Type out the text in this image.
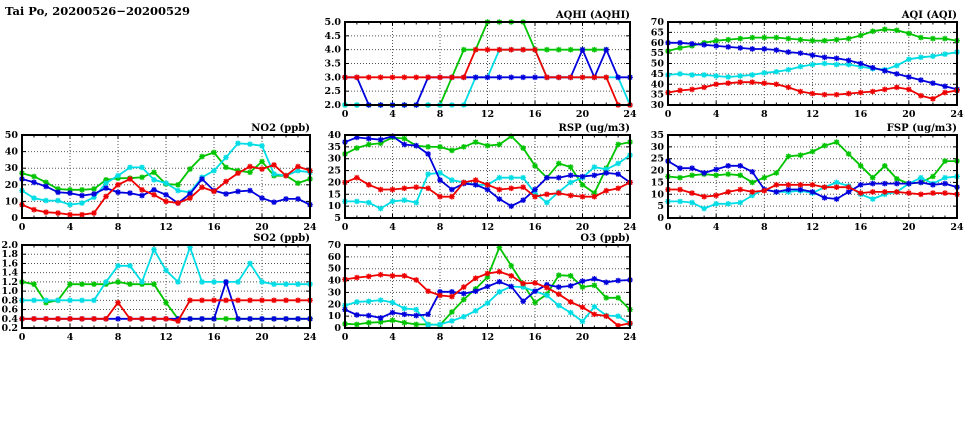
Tai Po, 20200526−20200529
2.0
2.5
3.0
3.5
4.0
4.5
5.0
0	4	8	12	16	20	24
AQHI (AQHI)
30
35
40
45
50
55
60
65
70
0	4	8	12	16	20	24
AQI (AQI)
0
10
20
30
40
50
0	4	8	12	16	20	24
NO2 (ppb)
5
10
15
20
25
30
35
40
0	4	8	12	16	20	24
RSP (ug/m3)
0
5
10
15
20
25
30
35
0	4	8	12	16	20	24
FSP (ug/m3)
0.2
0.4
0.6
0.8
1.0
1.2
1.4
1.6
1.8
2.0
0	4	8	12	16	20	24
SO2 (ppb)
0
10
20
30
40
50
60
70
0	4	8	12	16	20	24
O3 (ppb)
